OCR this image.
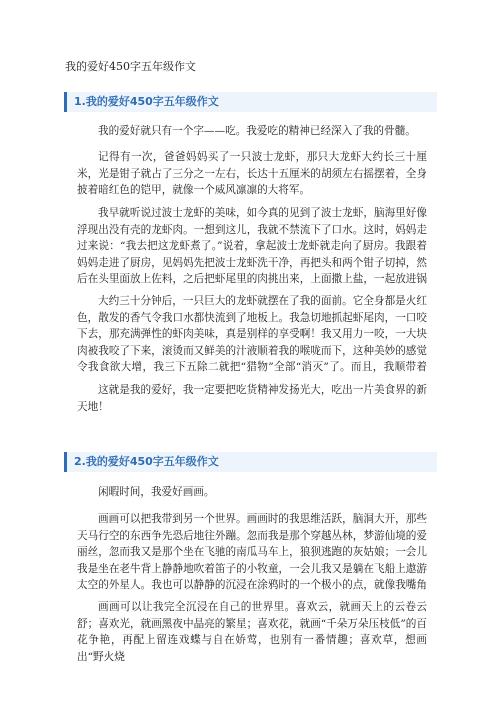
我的爱好450字五年级作文
1.我的爱好450字五年级作文

我的爱好就只有一个字——吃。我爱吃的精神已经深入了我的骨髓。

记得有一次，爸爸妈妈买了一只波士龙虾，那只大龙虾大约长三十厘米，光是钳子就占了三分之一左右，长达十五厘米的胡须左右摇摆着，全身披着暗红色的铠甲，就像一个威风凛凛的大将军。

我早就听说过波士龙虾的美味，如今真的见到了波士龙虾，脑海里好像浮现出没有壳的龙虾肉。一想到这儿，我就不禁流下了口水。这时，妈妈走过来说：“我去把这龙虾煮了。”说着，拿起波士龙虾就走向了厨房。我跟着妈妈走进了厨房，见妈妈先把波士龙虾洗干净，再把头和两个钳子切掉，然后在头里面放上佐料，之后把虾尾里的肉挑出来，上面撒上盐，一起放进锅

大约三十分钟后，一只巨大的龙虾就摆在了我的面前。它全身都是火红色，散发的香气令我口水都快流到了地板上。我急切地抓起虾尾肉，一口咬下去，那充满弹性的虾肉美味，真是别样的享受啊！我又用力一咬，一大块肉被我咬了下来，滚烫而又鲜美的汁液顺着我的喉咙而下，这种美妙的感觉令我食欲大增，我三下五除二就把“猎物”全部“消灭”了。而且，我顺带着

这就是我的爱好，我一定要把吃货精神发扬光大，吃出一片美食界的新天地！

2.我的爱好450字五年级作文

闲暇时间，我爱好画画。

画画可以把我带到另一个世界。画画时的我思维活跃，脑洞大开，那些天马行空的东西争先恐后地往外蹦。忽而我是那个穿越丛林，梦游仙境的爱丽丝，忽而我又是那个坐在飞驰的南瓜马车上，狼狈逃跑的灰姑娘；一会儿我是坐在老牛背上静静地吹着笛子的小牧童，一会儿我又是躺在飞船上遨游太空的外星人。我也可以静静的沉浸在涂鸦时的一个极小的点，就像我嘴角

画画可以让我完全沉浸在自己的世界里。喜欢云，就画天上的云卷云舒；喜欢光，就画黑夜中晶亮的繁星；喜欢花，就画“千朵万朵压枝低”的百花争艳，再配上留连戏蝶与自在娇莺，也别有一番情趣；喜欢草，想画出“野火烧
